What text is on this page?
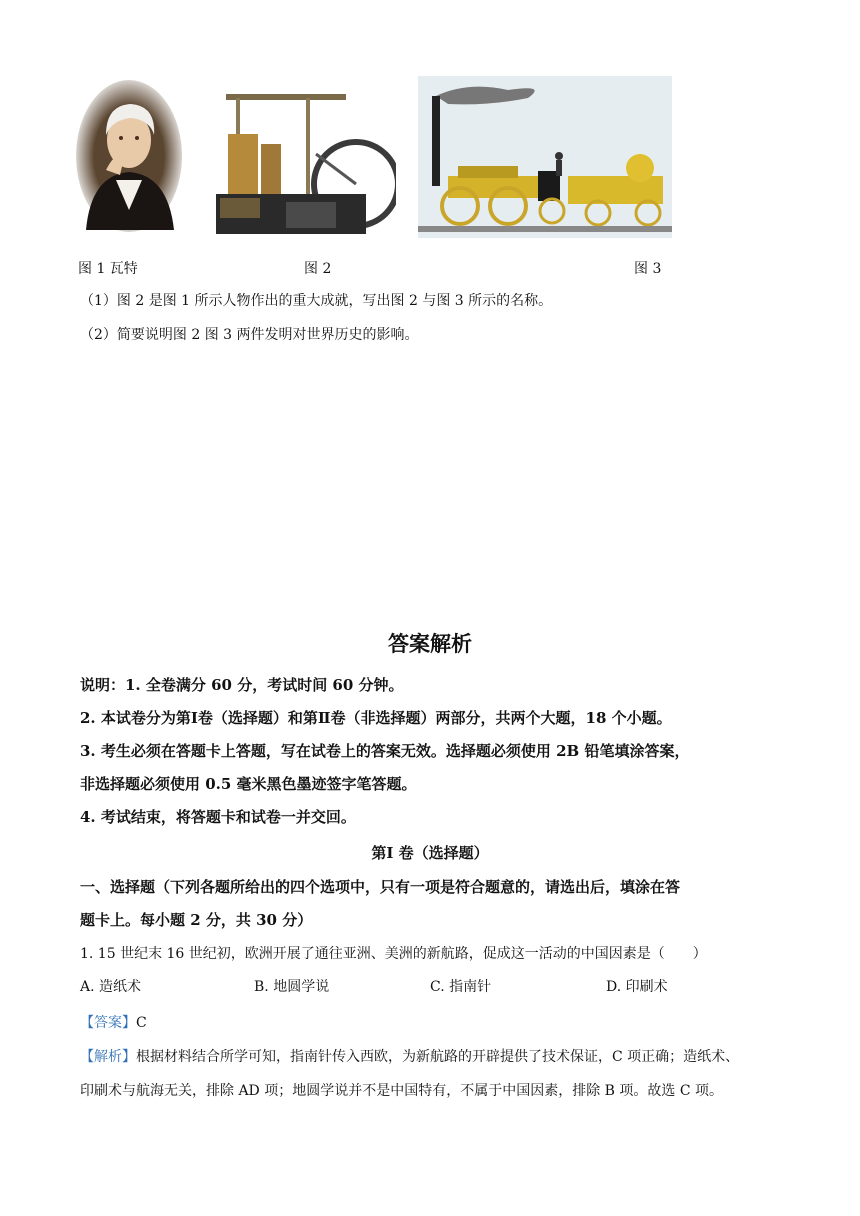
图 1 瓦特	图 2	图 3
（1）图 2 是图 1 所示人物作出的重大成就，写出图 2 与图 3 所示的名称。
（2）简要说明图 2 图 3 两件发明对世界历史的影响。
答案解析
说明：1. 全卷满分 60 分，考试时间 60 分钟。
2. 本试卷分为第Ⅰ卷（选择题）和第Ⅱ卷（非选择题）两部分，共两个大题，18 个小题。
3. 考生必须在答题卡上答题，写在试卷上的答案无效。选择题必须使用 2B 铅笔填涂答案，
非选择题必须使用 0.5 毫米黑色墨迹签字笔答题。
4. 考试结束，将答题卡和试卷一并交回。
第Ⅰ 卷（选择题）
一、选择题（下列各题所给出的四个选项中，只有一项是符合题意的，请选出后，填涂在答
题卡上。每小题 2 分，共 30 分）
1. 15 世纪末 16 世纪初，欧洲开展了通往亚洲、美洲的新航路，促成这一活动的中国因素是（　　）
A. 造纸术	B. 地圆学说	C. 指南针	D. 印刷术
【答案】C
【解析】根据材料结合所学可知，指南针传入西欧，为新航路的开辟提供了技术保证，C 项正确；造纸术、
印刷术与航海无关，排除 AD 项；地圆学说并不是中国特有，不属于中国因素，排除 B 项。故选 C 项。
